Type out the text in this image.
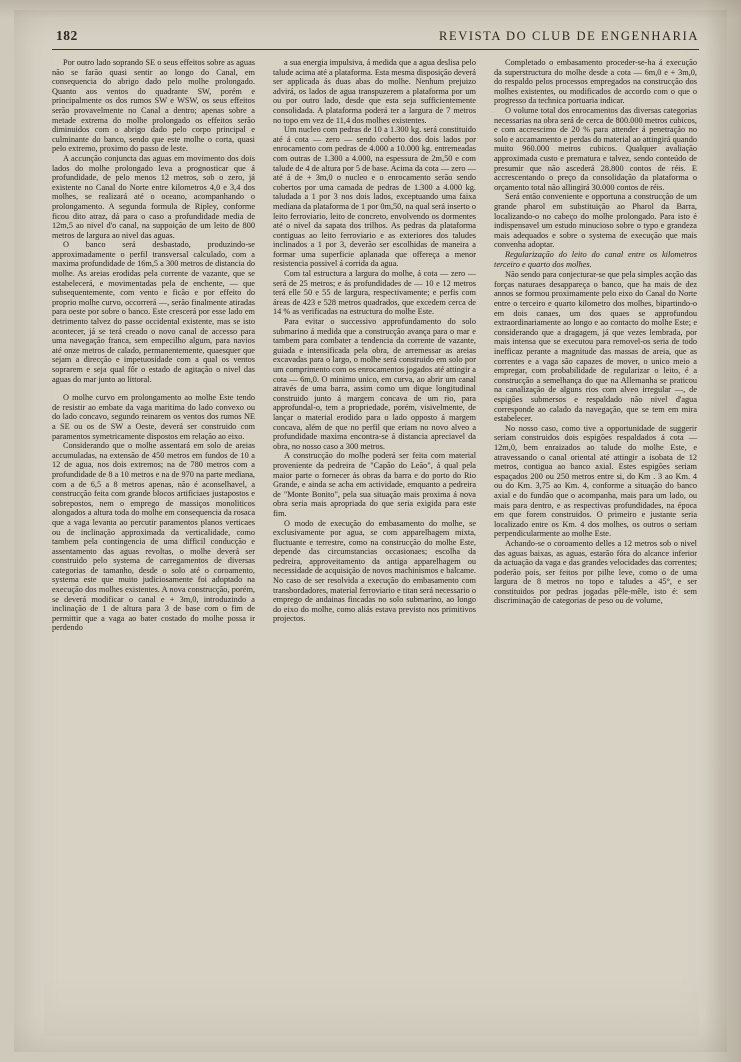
182	REVISTA DO CLUB DE ENGENHARIA

Por outro lado soprando SE o seus effeitos sobre as aguas não se farão quasi sentir ao longo do Canal, em consequencia do abrigo dado pelo molhe prolongado. Quanto aos ventos do quadrante SW, porém e principalmente os dos rumos SW e WSW, os seus effeitos serão provavelmente no Canal a dentro; apenas sobre a metade extrema do molhe prolongado os effeitos serão diminuidos com o abrigo dado pelo corpo principal e culminante do banco, sendo que este molhe o corta, quasi pelo extremo, proximo do passo de leste.

A accunção conjuncta das aguas em movimento dos dois lados do molhe prolongado leva a prognosticar que á profundidade, de pelo menos 12 metros, sob o zero, já existente no Canal do Norte entre kilometros 4,0 e 3,4 dos molhes, se realizará até o oceano, acompanhando o prolongamento. A segunda formula de Ripley, conforme ficou dito atraz, dá para o caso a profundidade media de 12m,5 ao nivel d'o canal, na suppoição de um leito de 800 metros de largura ao nivel das aguas.

O banco será desbastado, produzindo-se approximadamente o perfil transversal calculado, com a maxima profundidade de 16m,5 a 300 metros de distancia do molhe. As areias erodidas pela corrente de vazante, que se estabelecerá, e movimentadas pela de enchente, — que subsequentemente, com vento e ficão e por effeito do proprio molhe curvo, occorrerá —, serão finalmente atiradas para oeste por sobre o banco. Este crescerá por esse lado em detrimento talvez do passe occidental existente, mas se isto acontecer, já se terá creado o novo canal de accesso para uma navegação franca, sem empecilho algum, para navios até onze metros de calado, permanentemente, quaesquer que sejam a direcção e impetuosidade com a qual os ventos soprarem e seja qual fôr o estado de agitação o nivel das aguas do mar junto ao littoral.

O molhe curvo em prolongamento ao molhe Este tendo de resistir ao embate da vaga maritima do lado convexo ou do lado concavo, segundo reinarem os ventos dos rumos NE a SE ou os de SW a Oeste, deverá ser construido com paramentos symetricamente dispostos em relação ao eixo.

Considerando que o molhe assentará em solo de areias accumuladas, na extensão de 450 metros em fundos de 10 a 12 de agua, nos dois extremos; na de 780 metros com a profundidade de 8 a 10 metros e na de 970 na parte mediana, com a de 6,5 a 8 metros apenas, não é aconselhavel, a construcção feita com grande blocos artificiaes justapostos e sobrepostos, nem o emprego de massiços monoliticos alongados a altura toda do molhe em consequencia da rosaca que a vaga levanta ao percutir paramentos planos verticaes ou de inclinação approximada da verticalidade, como tambem pela contingencia de uma difficil conducção e assentamento das aguas revoltas, o molhe deverá ser construido pelo systema de carregamentos de diversas categorias de tamanho, desde o solo até o coroamento, systema este que muito judiciosamente foi adoptado na execução dos molhes existentes. A nova construcção, porém, se deverá modificar o canal e + 3m,0, introduzindo a inclinação de 1 de altura para 3 de base com o fim de permittir que a vaga ao bater costado do molhe possa ir perdendo

a sua energia impulsiva, á medida que a agua deslisa pelo talude acima até a plataforma. Esta mesma disposição deverá ser applicada ás duas abas do molhe. Nenhum prejuizo advirá, os lados de agua transpuzerem a plataforma por um ou por outro lado, desde que esta seja sufficientemente consolidada. A plataforma poderá ter a largura de 7 metros no topo em vez de 11,4 dos molhes existentes.

Um nucleo com pedras de 10 a 1.300 kg. será constituido até á cota — zero — sendo coberto dos dois lados por enrocamento com pedras de 4.000 a 10.000 kg. entremeadas com outras de 1.300 a 4.000, na espessura de 2m,50 e com talude de 4 de altura por 5 de base. Acima da cota — zero — até á de + 3m,0 o nucleo e o enrocamento serão sendo cobertos por uma camada de pedras de 1.300 a 4.000 kg. taludada a 1 por 3 nos dois lados, exceptuando uma faixa mediana da plataforma de 1 por 0m,50, na qual será inserto o leito ferroviario, leito de concreto, envolvendo os dormentes até o nivel da sapata dos trilhos. As pedras da plataforma contiguas ao leito ferroviario e as exteriores dos taludes inclinados a 1 por 3, deverão ser escolhidas de maneira a formar uma superficie aplanada que offereça a menor resistencia possivel á corrida da agua.

Com tal estructura a largura do molhe, á cota — zero — será de 25 metros; e ás profundidades de — 10 e 12 metros terá elle 50 e 55 de largura, respectivamente; e perfis com áreas de 423 e 528 metros quadrados, que excedem cerca de 14 % as verificadas na estructura do molhe Este.

Para evitar o successivo approfundamento do solo submarino á medida que a construcção avança para o mar e tambem para combater a tendencia da corrente de vazante, guiada e intensificada pela obra, de arremessar as areias excavadas para o largo, o molhe será construido em solo por um comprimento com os enrocamentos jogados até attingir a cota — 6m,0. O minimo unico, em curva, ao abrir um canal através de uma barra, assim como um dique longitudinal construido junto á margem concava de um rio, para approfundal-o, tem a propriedade, porém, visivelmente, de lançar o material erodido para o lado opposto á margem concava, além de que no perfil que eriam no novo alveo a profundidade maxima encontra-se á distancia apreciavel da obra, no nosso caso a 300 metros.

A construcção do molhe poderá ser feita com material proveniente da pedreira de "Capão do Leão", á qual pela maior parte o fornecer ás obras da barra e do porto do Rio Grande, e ainda se acha em actividade, emquanto a pedreira de "Monte Bonito", pela sua situação mais proxima á nova obra seria mais apropriada do que seria exigida para este fim.

O modo de execução do embasamento do molhe, se exclusivamente por agua, se com apparelhagem mixta, fluctuante e terrestre, como na construcção do molhe Este, depende das circumstancias occasionaes; escolha da pedreira, approveitamento da antiga apparelhagem ou necessidade de acquisição de novos machinismos e balcame. No caso de ser resolvida a execução do embasamento com transbordadores, material ferroviario e titan será necessario o emprego de andainas fincadas no solo submarino, ao longo do eixo do molhe, como aliás estava previsto nos primitivos projectos.

Completado o embasamento proceder-se-ha á execução da superstructura do molhe desde a cota — 6m,0 e + 3m,0, do respaldo pelos processos empregados na construcção dos molhes existentes, ou modificados de accordo com o que o progresso da technica portuaria indicar.

O volume total dos enrocamentos das diversas categorias necessarias na obra será de cerca de 800.000 metros cubicos, e com accrescimo de 20 % para attender á penetração no solo e accamamento e perdas do material ao attingirá quando muito 960.000 metros cubicos. Qualquer avaliação approximada custo e prematura e talvez, sendo conteúdo de presumir que não ascederá 28.800 contos de réis. E accrescentando o preço da consolidação da plataforma o orçamento total não allingirá 30.000 contos de réis.

Será então conveniente e opportuna a construcção de um grande pharol em substituição ao Pharol da Barra, localizando-o no cabeço do molhe prolongado. Para isto é indispensavel um estudo minucioso sobre o typo e grandeza mais adequados e sobre o systema de execução que mais convenha adoptar.

Regularização do leito do canal entre os kilometros terceiro e quarto dos molhes.

Não sendo para conjecturar-se que pela simples acção das forças naturaes desappareça o banco, que ha mais de dez annos se formou proximamente pelo eixo do Canal do Norte entre o terceiro e quarto kilometro dos molhes, bipartindo-o em dois canaes, um dos quaes se approfundou extraordinariamente ao longo e ao contacto do molhe Este; e considerando que a dragagem, já que vezes lembrada, por mais intensa que se executou para removel-os seria de todo inefficaz perante a magnitude das massas de areia, que as correntes e a vaga são capazes de mover, o unico meio a empregar, com probabilidade de regularizar o leito, é a construcção a semelhança do que na Allemanha se praticou na canalização de alguns rios com alveo irregular —, de espigões submersos e respaldado não nivel d'agua corresponde ao calado da navegação, que se tem em mira estabelecer.

No nosso caso, como tive a opportunidade de suggerir seriam construidos dois espigões respaldados á cota — 12m,0, bem enraizados ao talude do molhe Este, e atravessando o canal oriental até attingir a isobata de 12 metros, contigua ao banco axial. Estes espigões seriam espaçados 200 ou 250 metros entre si, do Km . 3 ao Km. 4 ou do Km. 3,75 ao Km. 4, conforme a situação do banco axial e do fundão que o acompanha, mais para um lado, ou mais para dentro, e as respectivas profundidades, na época em que forem construidos. O primeiro e justante seria localizado entre os Km. 4 dos molhes, os outros o seriam perpendicularmente ao molhe Este.

Achando-se o coroamento delles a 12 metros sob o nivel das aguas baixas, as aguas, estarão fóra do alcance inferior da actuação da vaga e das grandes velocidades das correntes; poderão pois, ser feitos por pilhe leve, como o de uma largura de 8 metros no topo e taludes a 45°, e ser constituidos por pedras jogadas pêle-mêle, isto é: sem discriminação de categorias de peso ou de volume,
